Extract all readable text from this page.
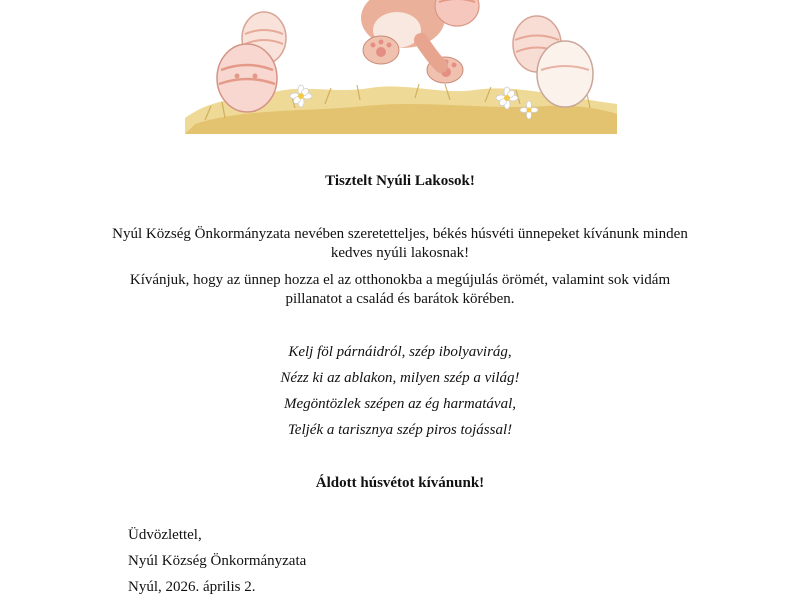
Tisztelt Nyúli Lakosok!
Nyúl Község Önkormányzata nevében szeretetteljes, békés húsvéti ünnepeket kívánunk minden kedves nyúli lakosnak!
Kívánjuk, hogy az ünnep hozza el az otthonokba a megújulás örömét, valamint sok vidám pillanatot a család és barátok körében.
Kelj föl párnáidról, szép ibolyavirág,
Nézz ki az ablakon, milyen szép a világ!
Megöntözlek szépen az ég harmatával,
Teljék a tarisznya szép piros tojással!
Áldott húsvétot kívánunk!
Üdvözlettel,
Nyúl Község Önkormányzata
Nyúl, 2026. április 2.
